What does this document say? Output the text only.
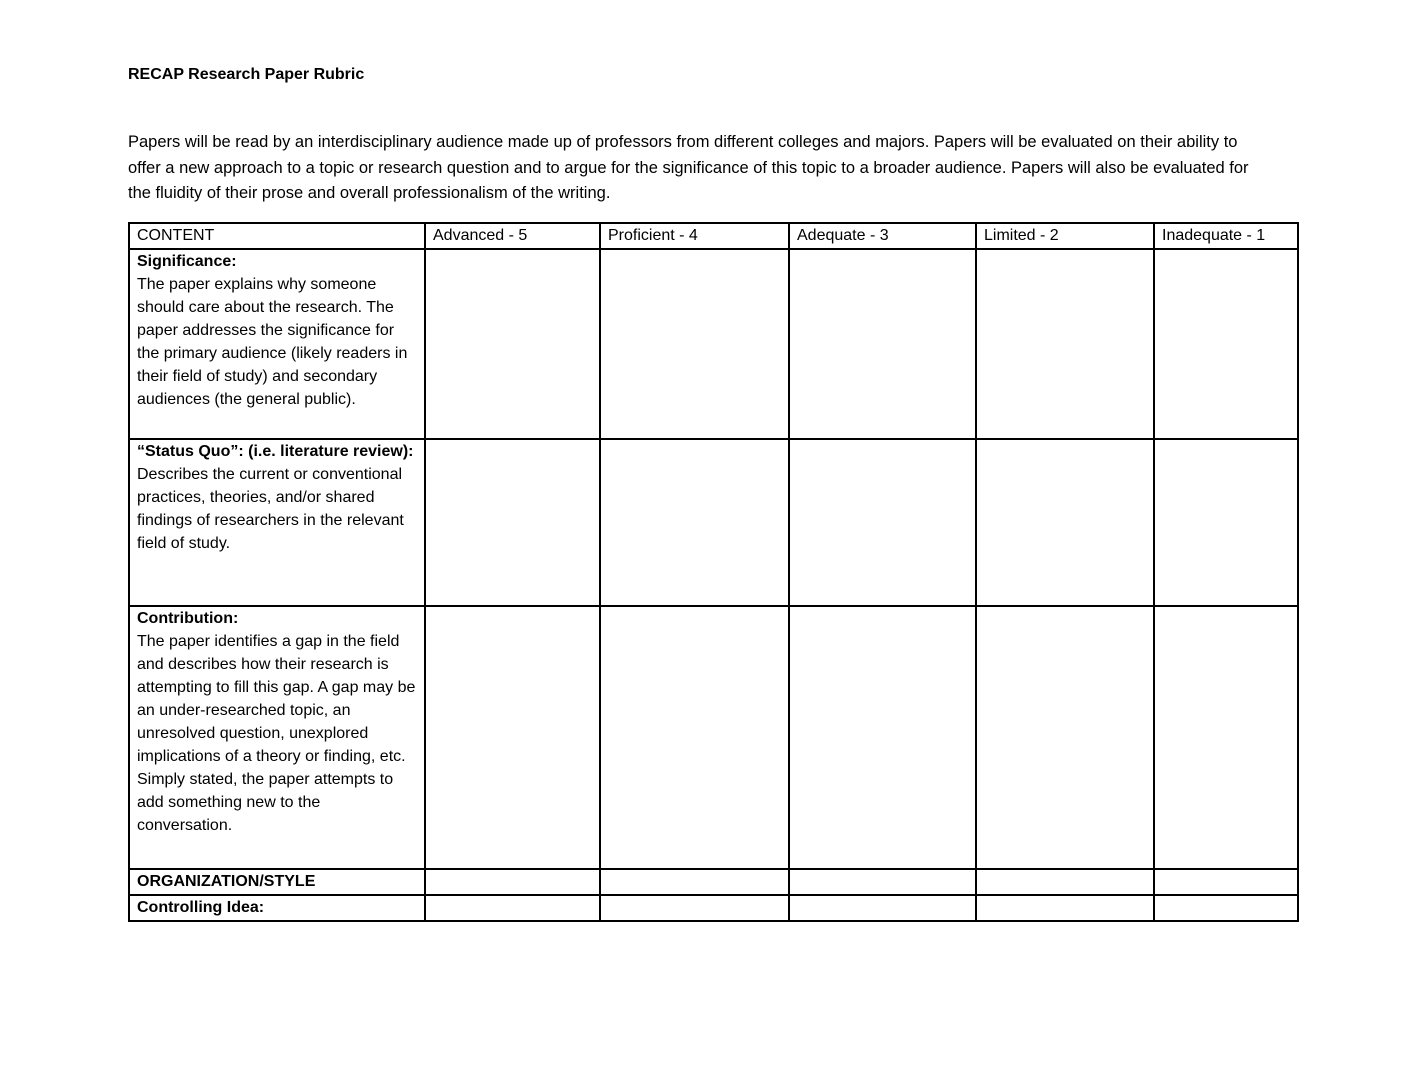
RECAP Research Paper Rubric
Papers will be read by an interdisciplinary audience made up of professors from different colleges and majors. Papers will be evaluated on their ability to offer a new approach to a topic or research question and to argue for the significance of this topic to a broader audience. Papers will also be evaluated for the fluidity of their prose and overall professionalism of the writing.
CONTENT	Advanced - 5	Proficient - 4	Adequate - 3	Limited - 2	Inadequate - 1

Significance:
The paper explains why someone should care about the research. The paper addresses the significance for the primary audience (likely readers in their field of study) and secondary audiences (the general public).					

“Status Quo”: (i.e. literature review):
Describes the current or conventional practices, theories, and/or shared findings of researchers in the relevant field of study.					

Contribution:
The paper identifies a gap in the field and describes how their research is attempting to fill this gap. A gap may be an under-researched topic, an unresolved question, unexplored implications of a theory or finding, etc. Simply stated, the paper attempts to add something new to the conversation.					

ORGANIZATION/STYLE					

Controlling Idea:					
